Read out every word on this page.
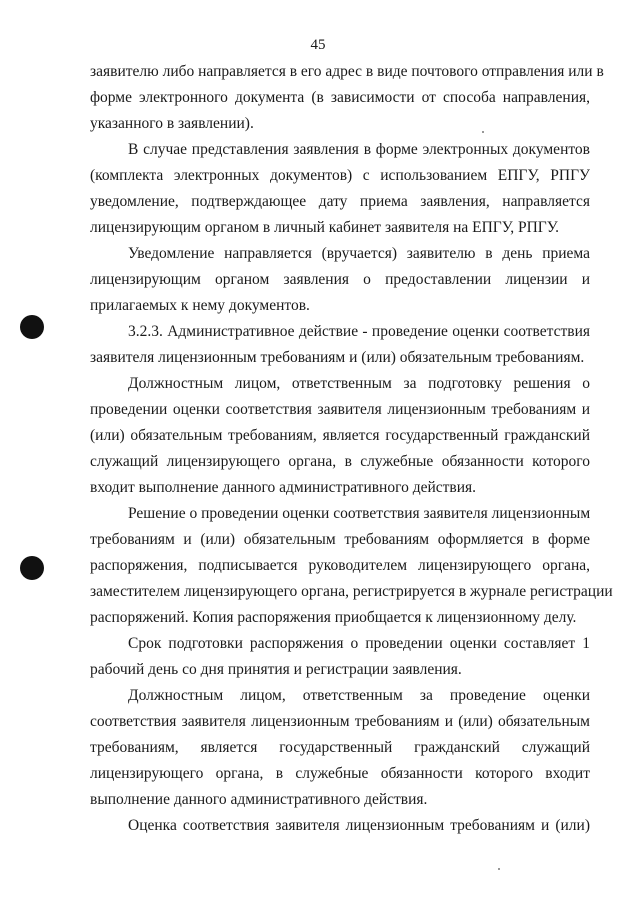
45
заявителю либо направляется в его адрес в виде почтового отправления или в
форме электронного документа (в зависимости от способа направления,
указанного в заявлении).
В случае представления заявления в форме электронных документов
(комплекта электронных документов) с использованием ЕПГУ, РПГУ
уведомление, подтверждающее дату приема заявления, направляется
лицензирующим органом в личный кабинет заявителя на ЕПГУ, РПГУ.
Уведомление направляется (вручается) заявителю в день приема
лицензирующим органом заявления о предоставлении лицензии и
прилагаемых к нему документов.
3.2.3. Административное действие - проведение оценки соответствия
заявителя лицензионным требованиям и (или) обязательным требованиям.
Должностным лицом, ответственным за подготовку решения о
проведении оценки соответствия заявителя лицензионным требованиям и
(или) обязательным требованиям, является государственный гражданский
служащий лицензирующего органа, в служебные обязанности которого
входит выполнение данного административного действия.
Решение о проведении оценки соответствия заявителя лицензионным
требованиям и (или) обязательным требованиям оформляется в форме
распоряжения, подписывается руководителем лицензирующего органа,
заместителем лицензирующего органа, регистрируется в журнале регистрации
распоряжений. Копия распоряжения приобщается к лицензионному делу.
Срок подготовки распоряжения о проведении оценки составляет 1
рабочий день со дня принятия и регистрации заявления.
Должностным лицом, ответственным за проведение оценки
соответствия заявителя лицензионным требованиям и (или) обязательным
требованиям, является государственный гражданский служащий
лицензирующего органа, в служебные обязанности которого входит
выполнение данного административного действия.
Оценка соответствия заявителя лицензионным требованиям и (или)
